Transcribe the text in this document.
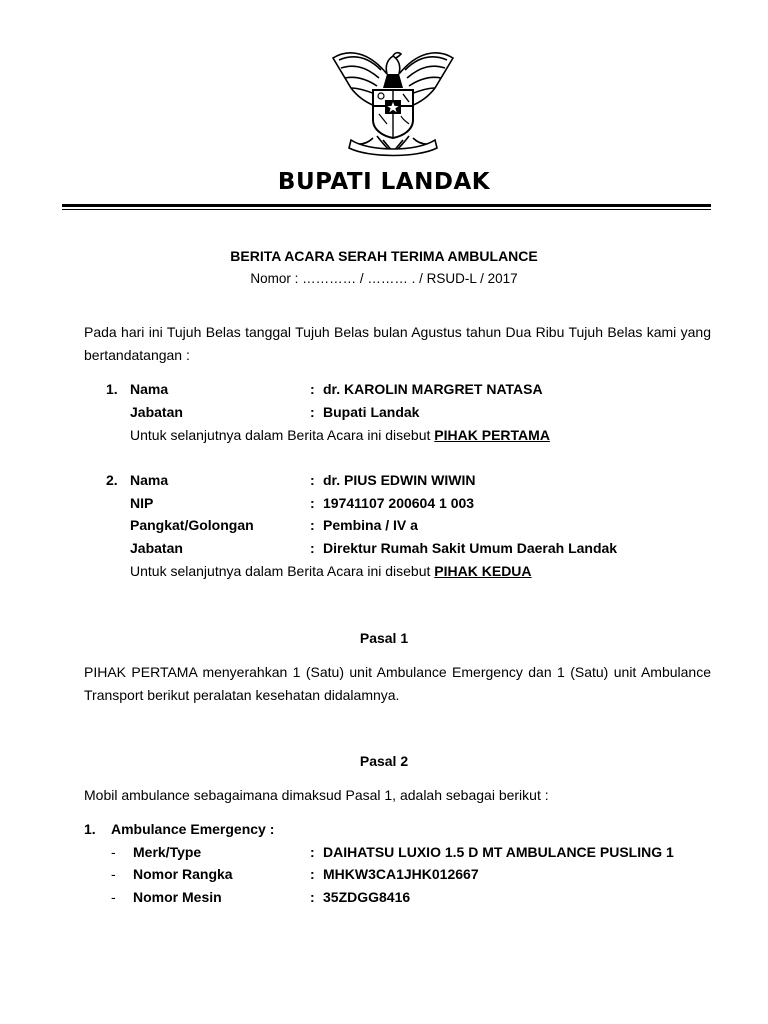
BUPATI LANDAK
BERITA ACARA SERAH TERIMA AMBULANCE
Nomor : ………… / ……… . / RSUD-L / 2017
Pada hari ini Tujuh Belas tanggal Tujuh Belas bulan Agustus tahun Dua Ribu Tujuh Belas kami yang bertandatangan :
1. Nama	: dr. KAROLIN MARGRET NATASA
Jabatan	: Bupati Landak
Untuk selanjutnya dalam Berita Acara ini disebut PIHAK PERTAMA
2. Nama	: dr. PIUS EDWIN WIWIN
NIP	: 19741107 200604 1 003
Pangkat/Golongan	: Pembina / IV a
Jabatan	: Direktur Rumah Sakit Umum Daerah Landak
Untuk selanjutnya dalam Berita Acara ini disebut PIHAK KEDUA
Pasal 1
PIHAK PERTAMA menyerahkan 1 (Satu) unit Ambulance Emergency dan 1 (Satu) unit Ambulance Transport berikut peralatan kesehatan didalamnya.
Pasal 2
Mobil ambulance sebagaimana dimaksud Pasal 1, adalah sebagai berikut :
1. Ambulance Emergency :
- Merk/Type	: DAIHATSU LUXIO 1.5 D MT AMBULANCE PUSLING 1
- Nomor Rangka	: MHKW3CA1JHK012667
- Nomor Mesin	: 35ZDGG8416
